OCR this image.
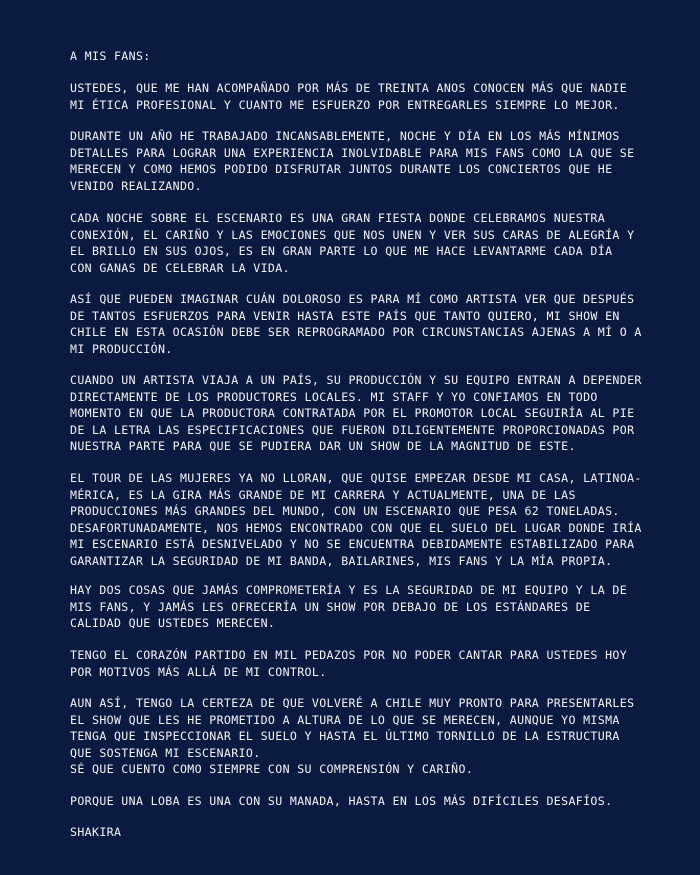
A MIS FANS:

USTEDES, QUE ME HAN ACOMPAÑADO POR MÁS DE TREINTA ANOS CONOCEN MÁS QUE NADIE
MI ÉTICA PROFESIONAL Y CUANTO ME ESFUERZO POR ENTREGARLES SIEMPRE LO MEJOR.

DURANTE UN AÑO HE TRABAJADO INCANSABLEMENTE, NOCHE Y DÍA EN LOS MÁS MÍNIMOS
DETALLES PARA LOGRAR UNA EXPERIENCIA INOLVIDABLE PARA MIS FANS COMO LA QUE SE
MERECEN Y COMO HEMOS PODIDO DISFRUTAR JUNTOS DURANTE LOS CONCIERTOS QUE HE
VENIDO REALIZANDO.

CADA NOCHE SOBRE EL ESCENARIO ES UNA GRAN FIESTA DONDE CELEBRAMOS NUESTRA
CONEXIÓN, EL CARIÑO Y LAS EMOCIONES QUE NOS UNEN Y VER SUS CARAS DE ALEGRÍA Y
EL BRILLO EN SUS OJOS, ES EN GRAN PARTE LO QUE ME HACE LEVANTARME CADA DÍA
CON GANAS DE CELEBRAR LA VIDA.

ASÍ QUE PUEDEN IMAGINAR CUÁN DOLOROSO ES PARA MÍ COMO ARTISTA VER QUE DESPUÉS
DE TANTOS ESFUERZOS PARA VENIR HASTA ESTE PAÍS QUE TANTO QUIERO, MI SHOW EN
CHILE EN ESTA OCASIÓN DEBE SER REPROGRAMADO POR CIRCUNSTANCIAS AJENAS A MÍ O A
MI PRODUCCIÓN.

CUANDO UN ARTISTA VIAJA A UN PAÍS, SU PRODUCCIÓN Y SU EQUIPO ENTRAN A DEPENDER
DIRECTAMENTE DE LOS PRODUCTORES LOCALES. MI STAFF Y YO CONFIAMOS EN TODO
MOMENTO EN QUE LA PRODUCTORA CONTRATADA POR EL PROMOTOR LOCAL SEGUIRÍA AL PIE
DE LA LETRA LAS ESPECIFICACIONES QUE FUERON DILIGENTEMENTE PROPORCIONADAS POR
NUESTRA PARTE PARA QUE SE PUDIERA DAR UN SHOW DE LA MAGNITUD DE ESTE.

EL TOUR DE LAS MUJERES YA NO LLORAN, QUE QUISE EMPEZAR DESDE MI CASA, LATINOA-
MÉRICA, ES LA GIRA MÁS GRANDE DE MI CARRERA Y ACTUALMENTE, UNA DE LAS
PRODUCCIONES MÁS GRANDES DEL MUNDO, CON UN ESCENARIO QUE PESA 62 TONELADAS.
DESAFORTUNADAMENTE, NOS HEMOS ENCONTRADO CON QUE EL SUELO DEL LUGAR DONDE IRÍA
MI ESCENARIO ESTÁ DESNIVELADO Y NO SE ENCUENTRA DEBIDAMENTE ESTABILIZADO PARA
GARANTIZAR LA SEGURIDAD DE MI BANDA, BAILARINES, MIS FANS Y LA MÍA PROPIA.

HAY DOS COSAS QUE JAMÁS COMPROMETERÍA Y ES LA SEGURIDAD DE MI EQUIPO Y LA DE
MIS FANS, Y JAMÁS LES OFRECERÍA UN SHOW POR DEBAJO DE LOS ESTÁNDARES DE
CALIDAD QUE USTEDES MERECEN.

TENGO EL CORAZÓN PARTIDO EN MIL PEDAZOS POR NO PODER CANTAR PARA USTEDES HOY
POR MOTIVOS MÁS ALLÁ DE MI CONTROL.

AUN ASÍ, TENGO LA CERTEZA DE QUE VOLVERÉ A CHILE MUY PRONTO PARA PRESENTARLES
EL SHOW QUE LES HE PROMETIDO A ALTURA DE LO QUE SE MERECEN, AUNQUE YO MISMA
TENGA QUE INSPECCIONAR EL SUELO Y HASTA EL ÚLTIMO TORNILLO DE LA ESTRUCTURA
QUE SOSTENGA MI ESCENARIO.
SÉ QUE CUENTO COMO SIEMPRE CON SU COMPRENSIÓN Y CARIÑO.

PORQUE UNA LOBA ES UNA CON SU MANADA, HASTA EN LOS MÁS DIFÍCILES DESAFÍOS.

SHAKIRA
